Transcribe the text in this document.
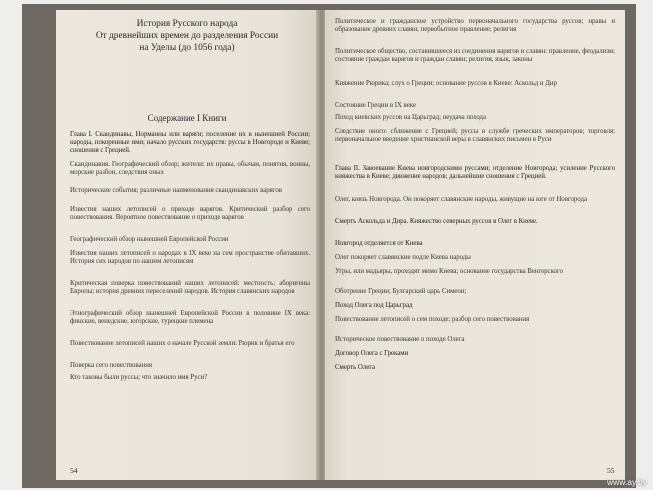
История Русского народа
От древнейших времен до разделения России
на Уделы (до 1056 года)
Содержание I Книги
Глава I. Скандинавы, Норманны или варяги; поселение их в нынешней России; народы, покоренные ими; начало русских государств: руссы в Новгороде и Киеве; сношения с Грецией.
Скандинавия. Географический обзор; жители: их нравы, обычаи, понятия, воины, морские разбои, следствия оных
Исторические события; различные наименования скандинавских варягов
Известия наших летописей о приходе варягов. Критический разбор сего повествования. Вероятное повествование о приходе варягов
Географический обзор нынешней Европейской России
Известия наших летописей о народах в IX веке на сем пространстве обитавших. История сих народов по нашим летописям
Критическая поверка повествований наших летописей: местность; аборигены Европы; история древних переселений народов. История славянских народов
Этнографический обзор нынешней Европейской России в половине IX века: финские, венедские, югорские, турецкие племена
Повествование летописей наших о начале Русской земли: Рюрик и братья его
Поверка сего повествования
Кто таковы были руссы; что значило имя Руси?
54
Политическое и гражданское устройство первоначального государства руссов; нравы и образование древних славян; первобытное правление; религия
Политическое общество, составившееся из соединения варягов и славян: правление, феодализм; состояние граждан варягов и граждан славян; религия, язык, законы
Княжение Рюрика; слух о Греции; основание руссов в Киеве: Аскольд и Дир
Состояние Греции в IX веке
Поход киевских руссов на Царьград; неудача похода
Следствие оного: сближение с Грецией; руссы в службе греческих императоров; торговля; первоначальное введение христианской веры в славянских письмен в Руси
Глава II. Завоевание Киева новгородскими руссами; отделение Новгорода; усиление Русского княжества в Киеве; движение народов; дальнейшие сношения с Грецией.
Олег, князь Новгорода. Он покоряет славянские народы, живущие на юге от Новгорода
Смерть Аскольда и Дира. Княжество северных руссов в Олег в Киеве.
Новгород отделяется от Киева
Олег покоряет славянские подле Киева народы
Угры, или мадьяры, проходят мимо Киева; основание государства Венгерского
Оботренне Греции; Булгарский царь Симеон;
Поход Олега под Царьград
Повествование летописей о сем походе; разбор сего повествования
Историческое повествование о походе Олега
Договор Олега с Греками
Смерть Олега
55
www.ay.by
